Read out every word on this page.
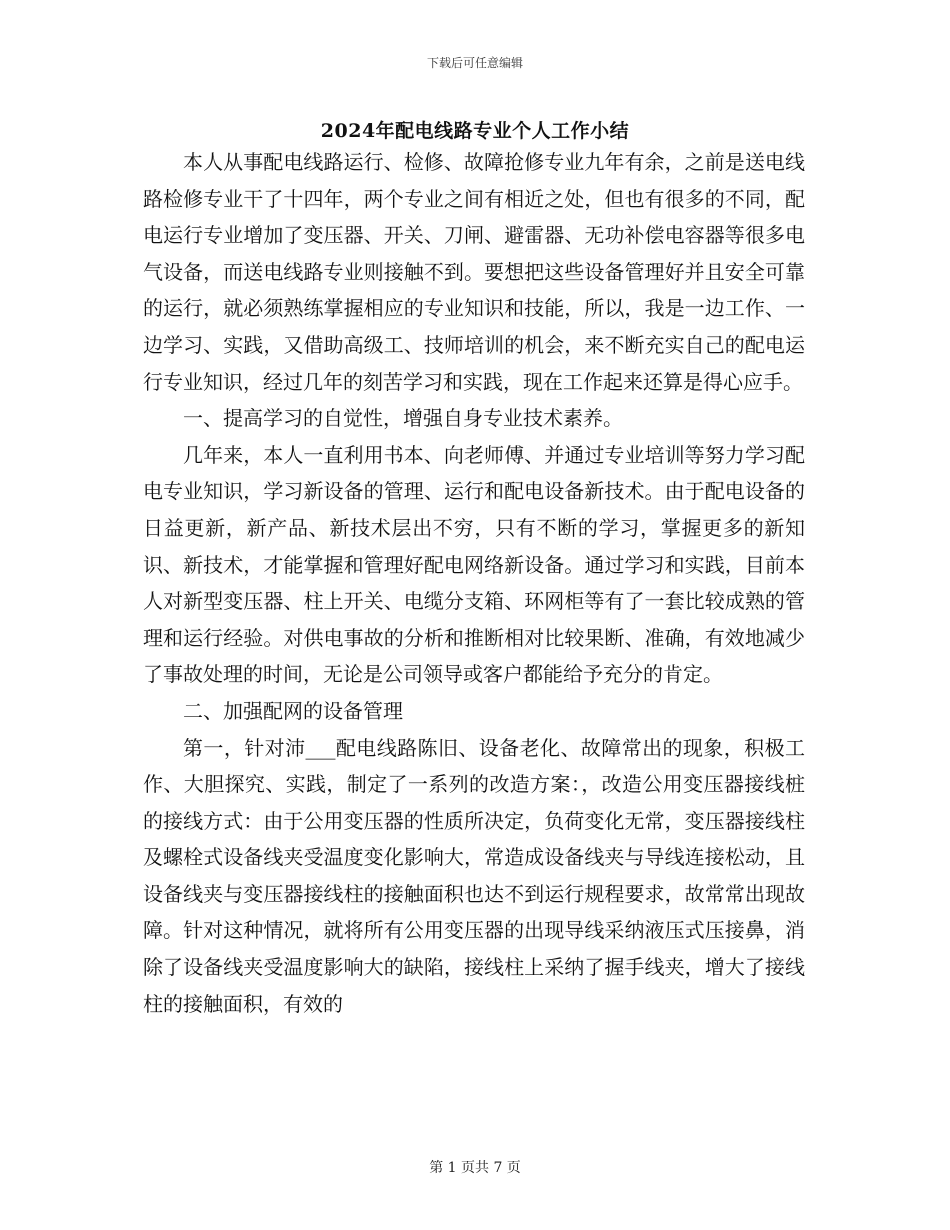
下载后可任意编辑
2024年配电线路专业个人工作小结

本人从事配电线路运行、检修、故障抢修专业九年有余，之前是送电线路检修专业干了十四年，两个专业之间有相近之处，但也有很多的不同，配电运行专业增加了变压器、开关、刀闸、避雷器、无功补偿电容器等很多电气设备，而送电线路专业则接触不到。要想把这些设备管理好并且安全可靠的运行，就必须熟练掌握相应的专业知识和技能，所以，我是一边工作、一边学习、实践，又借助高级工、技师培训的机会，来不断充实自己的配电运行专业知识，经过几年的刻苦学习和实践，现在工作起来还算是得心应手。

一、提高学习的自觉性，增强自身专业技术素养。

几年来，本人一直利用书本、向老师傅、并通过专业培训等努力学习配电专业知识，学习新设备的管理、运行和配电设备新技术。由于配电设备的日益更新，新产品、新技术层出不穷，只有不断的学习，掌握更多的新知识、新技术，才能掌握和管理好配电网络新设备。通过学习和实践，目前本人对新型变压器、柱上开关、电缆分支箱、环网柜等有了一套比较成熟的管理和运行经验。对供电事故的分析和推断相对比较果断、准确，有效地减少了事故处理的时间，无论是公司领导或客户都能给予充分的肯定。

二、加强配网的设备管理

第一，针对沛___配电线路陈旧、设备老化、故障常出的现象，积极工作、大胆探究、实践，制定了一系列的改造方案：，改造公用变压器接线桩的接线方式：由于公用变压器的性质所决定，负荷变化无常，变压器接线柱及螺栓式设备线夹受温度变化影响大，常造成设备线夹与导线连接松动，且设备线夹与变压器接线柱的接触面积也达不到运行规程要求，故常常出现故障。针对这种情况，就将所有公用变压器的出现导线采纳液压式压接鼻，消除了设备线夹受温度影响大的缺陷，接线柱上采纳了握手线夹，增大了接线柱的接触面积，有效的

第 1 页共 7 页
